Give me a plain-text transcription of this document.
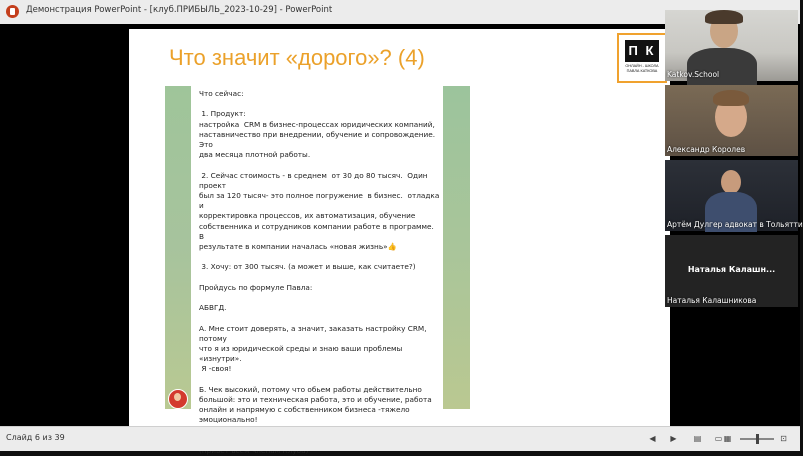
Демонстрация PowerPoint - [клуб.ПРИБЫЛЬ_2023-10-29] - PowerPoint
Что значит «дорого»? (4)	П К
ОНЛАЙН - ШКОЛА ПАВЛА КАТКОВА

Что сейчас:

1. Продукт:

настройка  CRM в бизнес-процессах юридических компаний,

наставничество при внедрении, обучение и сопровождение. Это

два месяца плотной работы.

2. Сейчас стоимость - в среднем  от 30 до 80 тысяч.  Один проект

был за 120 тысяч- это полное погружение  в бизнес.  отладка и

корректировка процессов, их автоматизация, обучение

собственника и сотрудников компании работе в программе. В

результате в компании началась «новая жизнь»👍

3. Хочу: от 300 тысяч. (а может и выше, как считаете?)

Пройдусь по формуле Павла:

АБВГД.

А. Мне стоит доверять, а значит, заказать настройку CRM, потому

что я из юридической среды и знаю ваши проблемы «изнутри».

Я -своя!

Б. Чек высокий, потому что обьем работы действительно

большой: это и техническая работа, это и обучение, работа

онлайн и напрямую с собственником бизнеса -тяжело

эмоционально!

Katkov.School
Александр Королев
Артём Дулгер адвокат в Тольятти
Наталья Калашн...
Наталья Калашникова
Слайд 6 из 39	◀	▶	▤ ▭ ▦	⊡
